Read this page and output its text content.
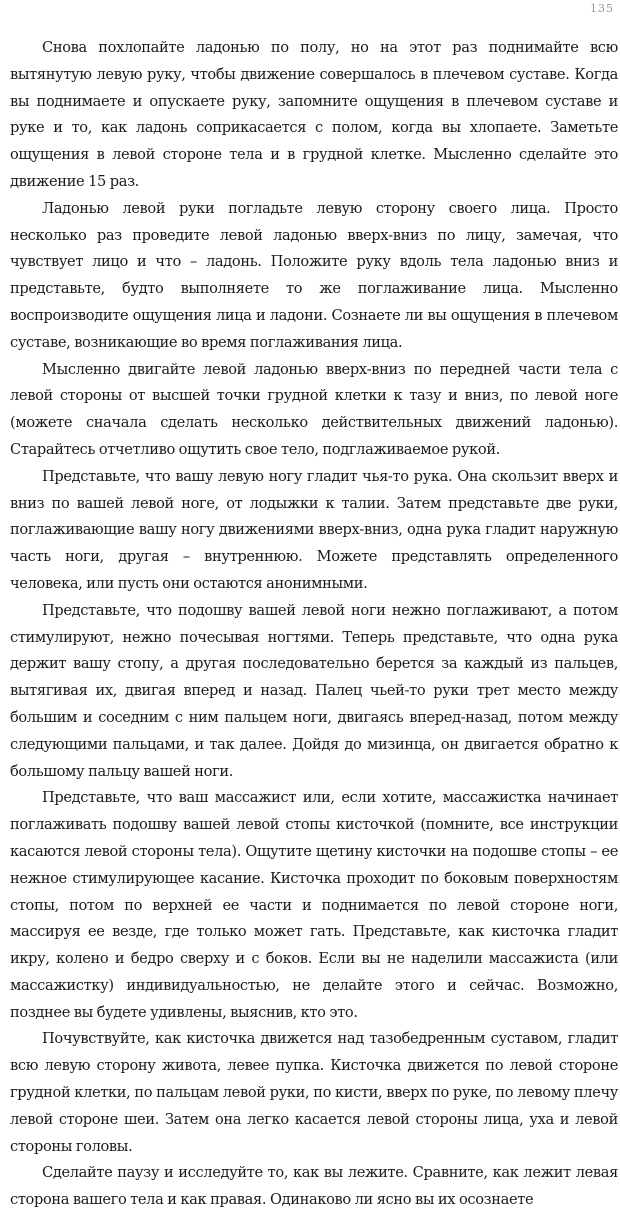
135

Снова похлопайте ладонью по полу, но на этот раз поднимайте всю вытянутую левую руку, чтобы движение совершалось в плечевом суставе. Когда вы поднимаете и опускаете руку, запомните ощущения в плечевом суставе и руке и то, как ладонь соприкасается с полом, когда вы хлопаете. Заметьте ощущения в левой стороне тела и в грудной клетке. Мысленно сделайте это движение 15 раз.

Ладонью левой руки погладьте левую сторону своего лица. Просто несколько раз проведите левой ладонью вверх-вниз по лицу, замечая, что чувствует лицо и что – ладонь. Положите руку вдоль тела ладонью вниз и представьте, будто выполняете то же поглаживание лица. Мысленно воспроизводите ощущения лица и ладони. Сознаете ли вы ощущения в плечевом суставе, возникающие во время поглаживания лица.

Мысленно двигайте левой ладонью вверх-вниз по передней части тела с левой стороны от высшей точки грудной клетки к тазу и вниз, по левой ноге (можете сначала сделать несколько действительных движений ладонью). Старайтесь отчетливо ощутить свое тело, подглаживаемое рукой.

Представьте, что вашу левую ногу гладит чья-то рука. Она скользит вверх и вниз по вашей левой ноге, от лодыжки к талии. Затем представьте две руки, поглаживающие вашу ногу движениями вверх-вниз, одна рука гладит наружную часть ноги, другая – внутреннюю. Можете представлять определенного человека, или пусть они остаются анонимными.

Представьте, что подошву вашей левой ноги нежно поглаживают, а потом стимулируют, нежно почесывая ногтями. Теперь представьте, что одна рука держит вашу стопу, а другая последовательно берется за каждый из пальцев, вытягивая их, двигая вперед и назад. Палец чьей-то руки трет место между большим и соседним с ним пальцем ноги, двигаясь вперед-назад, потом между следующими пальцами, и так далее. Дойдя до мизинца, он двигается обратно к большому пальцу вашей ноги.

Представьте, что ваш массажист или, если хотите, массажистка начинает поглаживать подошву вашей левой стопы кисточкой (помните, все инструкции касаются левой стороны тела). Ощутите щетину кисточки на подошве стопы – ее нежное стимулирующее касание. Кисточка проходит по боковым поверхностям стопы, потом по верхней ее части и поднимается по левой стороне ноги, массируя ее везде, где только может гать. Представьте, как кисточка гладит икру, колено и бедро сверху и с боков. Если вы не наделили массажиста (или массажистку) индивидуальностью, не делайте этого и сейчас. Возможно, позднее вы будете удивлены, выяснив, кто это.

Почувствуйте, как кисточка движется над тазобедренным суставом, гладит всю левую сторону живота, левее пупка. Кисточка движется по левой стороне грудной клетки, по пальцам левой руки, по кисти, вверх по руке, по левому плечу левой стороне шеи. Затем она легко касается левой стороны лица, уха и левой стороны головы.

Сделайте паузу и исследуйте то, как вы лежите. Сравните, как лежит левая сторона вашего тела и как правая. Одинаково ли ясно вы их осознаете
